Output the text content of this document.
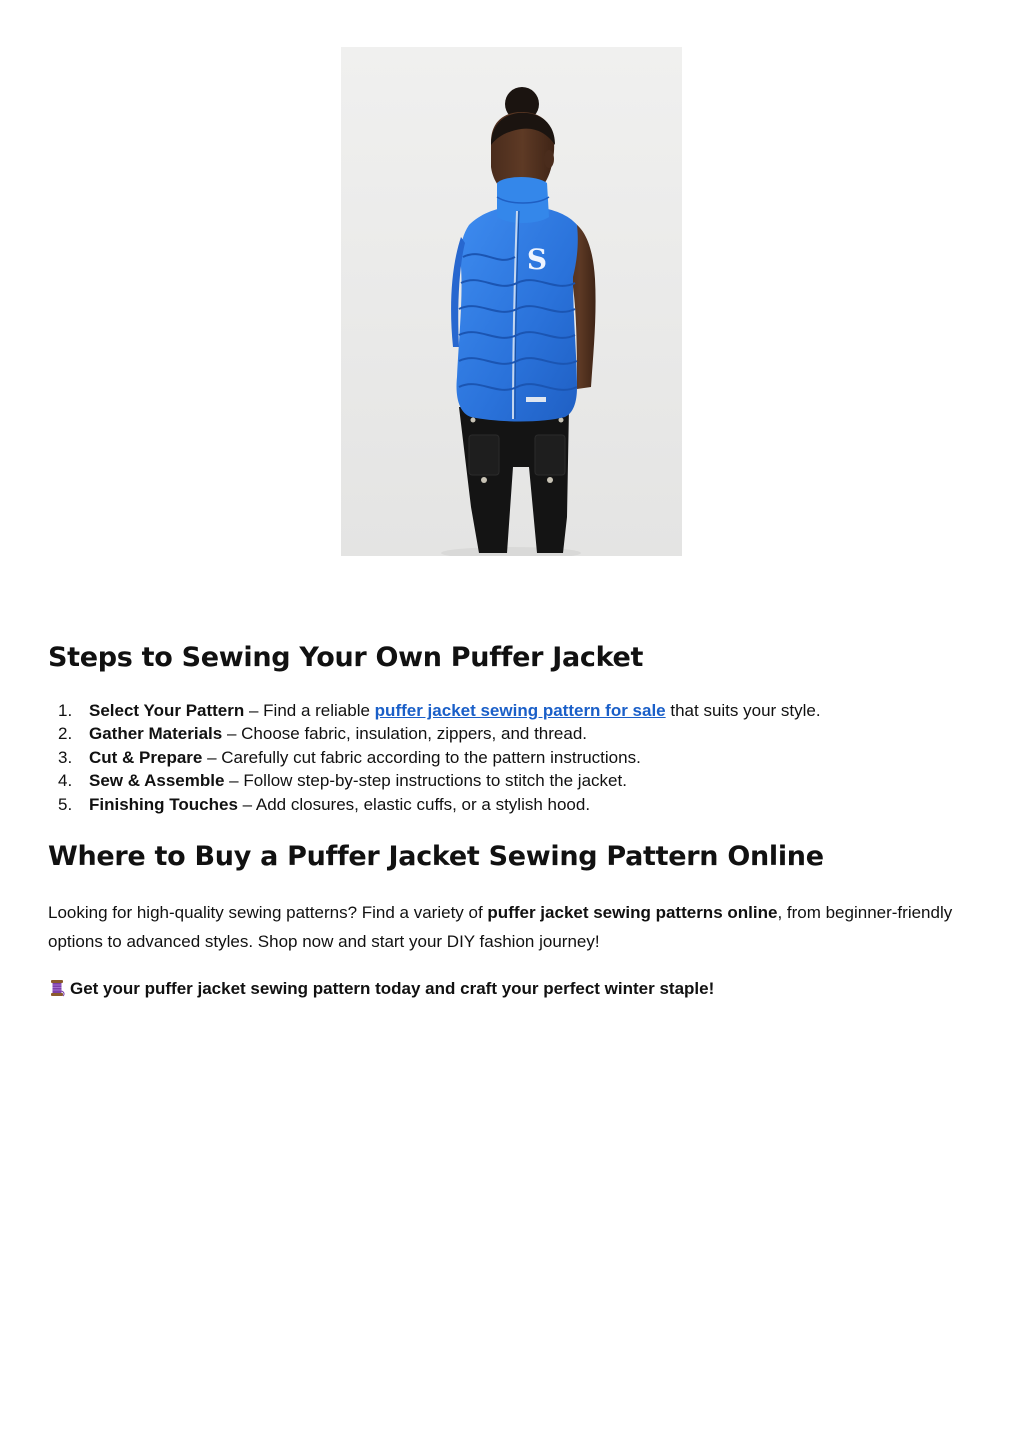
S
Steps to Sewing Your Own Puffer Jacket
1. Select Your Pattern – Find a reliable puffer jacket sewing pattern for sale that suits your style.
2. Gather Materials – Choose fabric, insulation, zippers, and thread.
3. Cut & Prepare – Carefully cut fabric according to the pattern instructions.
4. Sew & Assemble – Follow step-by-step instructions to stitch the jacket.
5. Finishing Touches – Add closures, elastic cuffs, or a stylish hood.
Where to Buy a Puffer Jacket Sewing Pattern Online

Looking for high-quality sewing patterns? Find a variety of puffer jacket sewing patterns online, from beginner-friendly options to advanced styles. Shop now and start your DIY fashion journey!

Get your puffer jacket sewing pattern today and craft your perfect winter staple!
